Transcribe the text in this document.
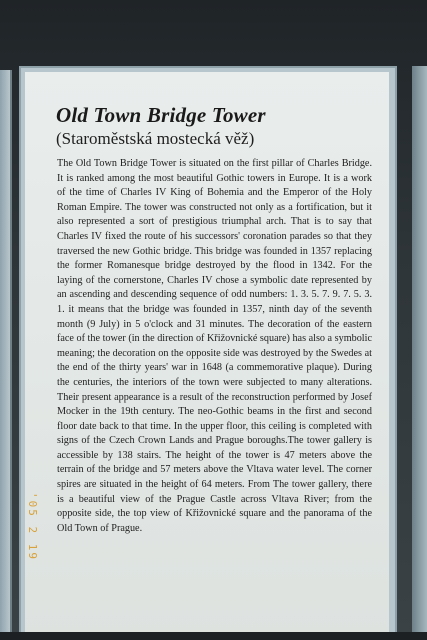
Old Town Bridge Tower
(Staroměstská mostecká věž)
The Old Town Bridge Tower is situated on the first pillar of Charles Bridge. It is ranked among the most beautiful Gothic towers in Europe. It is a work of the time of Charles IV King of Bohemia and the Emperor of the Holy Roman Empire. The tower was constructed not only as a fortification, but it also represented a sort of prestigious triumphal arch. That is to say that Charles IV fixed the route of his successors' coronation parades so that they traversed the new Gothic bridge. This bridge was founded in 1357 replacing the former Romanesque bridge destroyed by the flood in 1342. For the laying of the cornerstone, Charles IV chose a symbolic date represented by an ascending and descending sequence of odd numbers: 1. 3. 5. 7. 9. 7. 5. 3. 1. it means that the bridge was founded in 1357, ninth day of the seventh month (9 July) in 5 o'clock and 31 minutes. The decoration of the eastern face of the tower (in the direction of Křižovnické square) has also a symbolic meaning; the decoration on the opposite side was destroyed by the Swedes at the end of the thirty years' war in 1648 (a commemorative plaque). During the centuries, the interiors of the town were subjected to many alterations. Their present appearance is a result of the reconstruction performed by Josef Mocker in the 19th century. The neo-Gothic beams in the first and second floor date back to that time. In the upper floor, this ceiling is completed with signs of the Czech Crown Lands and Prague boroughs.The tower gallery is accessible by 138 stairs. The height of the tower is 47 meters above the terrain of the bridge and 57 meters above the Vltava water level. The corner spires are situated in the height of 64 meters. From The tower gallery, there is a beautiful view of the Prague Castle across Vltava River; from the opposite side, the top view of Křižovnické square and the panorama of the Old Town of Prague.
'05 2 19
